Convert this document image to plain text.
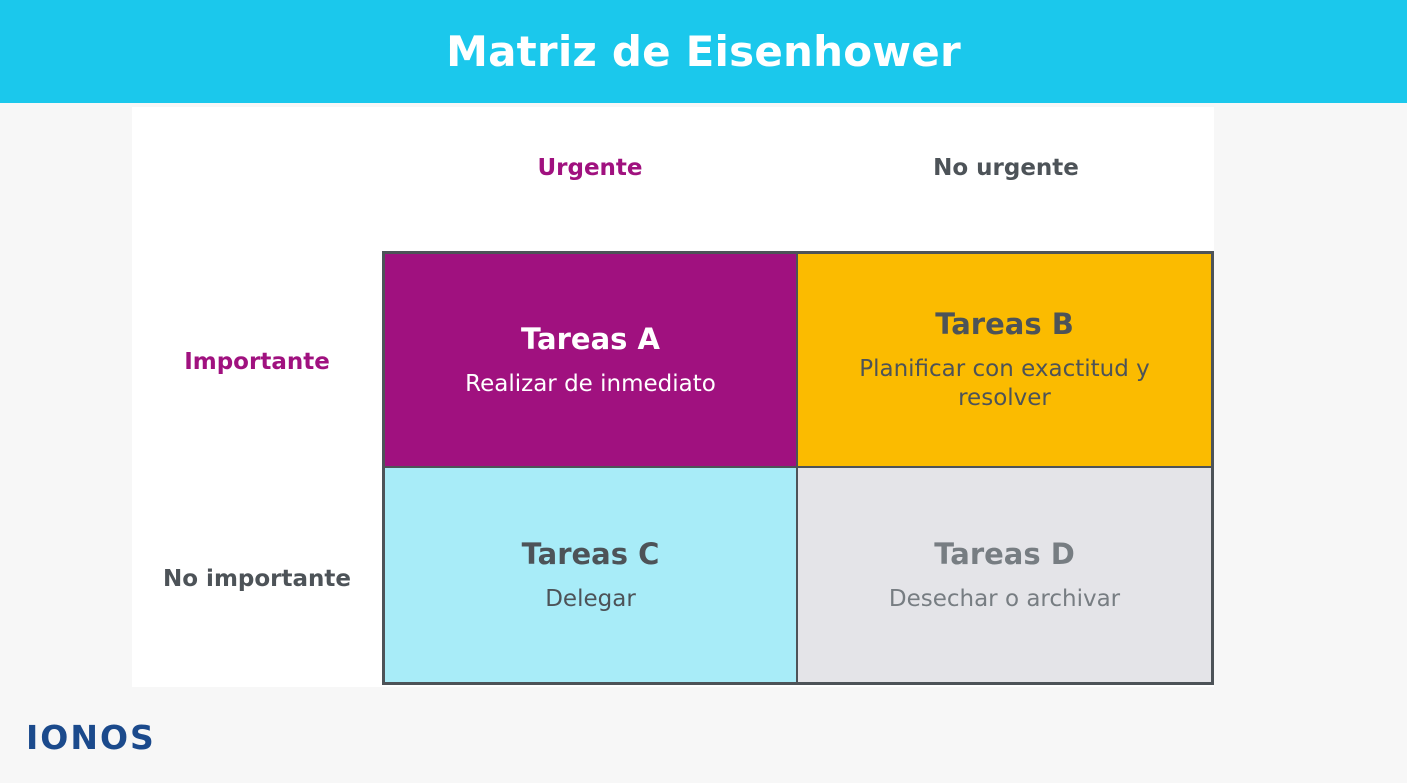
Matriz de Eisenhower
Urgente	No urgente
Importante
No importante
Tareas A
Realizar de inmediato
Tareas B
Planificar con exactitud y resolver
Tareas C
Delegar
Tareas D
Desechar o archivar
IONOS
